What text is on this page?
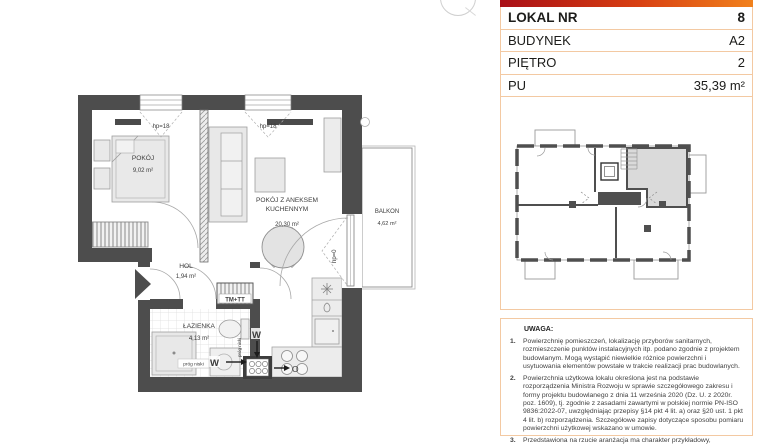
TM+TT
O
W
W
próg niski
próg niski
hp=18	hp=18
hp=0
POKÓJ
9,02 m²
POKÓJ Z ANEKSEM
KUCHENNYM
20,30 m²
HOL
1,94 m²
ŁAZIENKA
4,13 m²
BALKON
4,62 m²
LOKAL NR	8
BUDYNEK	A2
PIĘTRO	2
PU	35,39 m²
UWAGA:
1.	Powierzchnię pomieszczeń, lokalizację przyborów sanitarnych, rozmieszczenie punktów instalacyjnych itp. podano zgodnie z projektem budowlanym. Mogą wystąpić niewielkie różnice powierzchni i usytuowania elementów powstałe w trakcie realizacji prac budowlanych.
2.	Powierzchnia użytkowa lokalu określona jest na podstawie rozporządzenia Ministra Rozwoju w sprawie szczegółowego zakresu i formy projektu budowlanego z dnia 11 września 2020 (Dz. U. z 2020r. poz. 1609), tj. zgodnie z zasadami zawartymi w polskiej normie PN-ISO 9836:2022-07, uwzględniając przepisy §14 pkt 4 lit. a) oraz §20 ust. 1 pkt 4 lit. b) rozporządzenia. Szczegółowe zapisy dotyczące sposobu pomiaru powierzchni użytkowej wskazano w umowie.
3.	Przedstawiona na rzucie aranżacja ma charakter przykładowy,
